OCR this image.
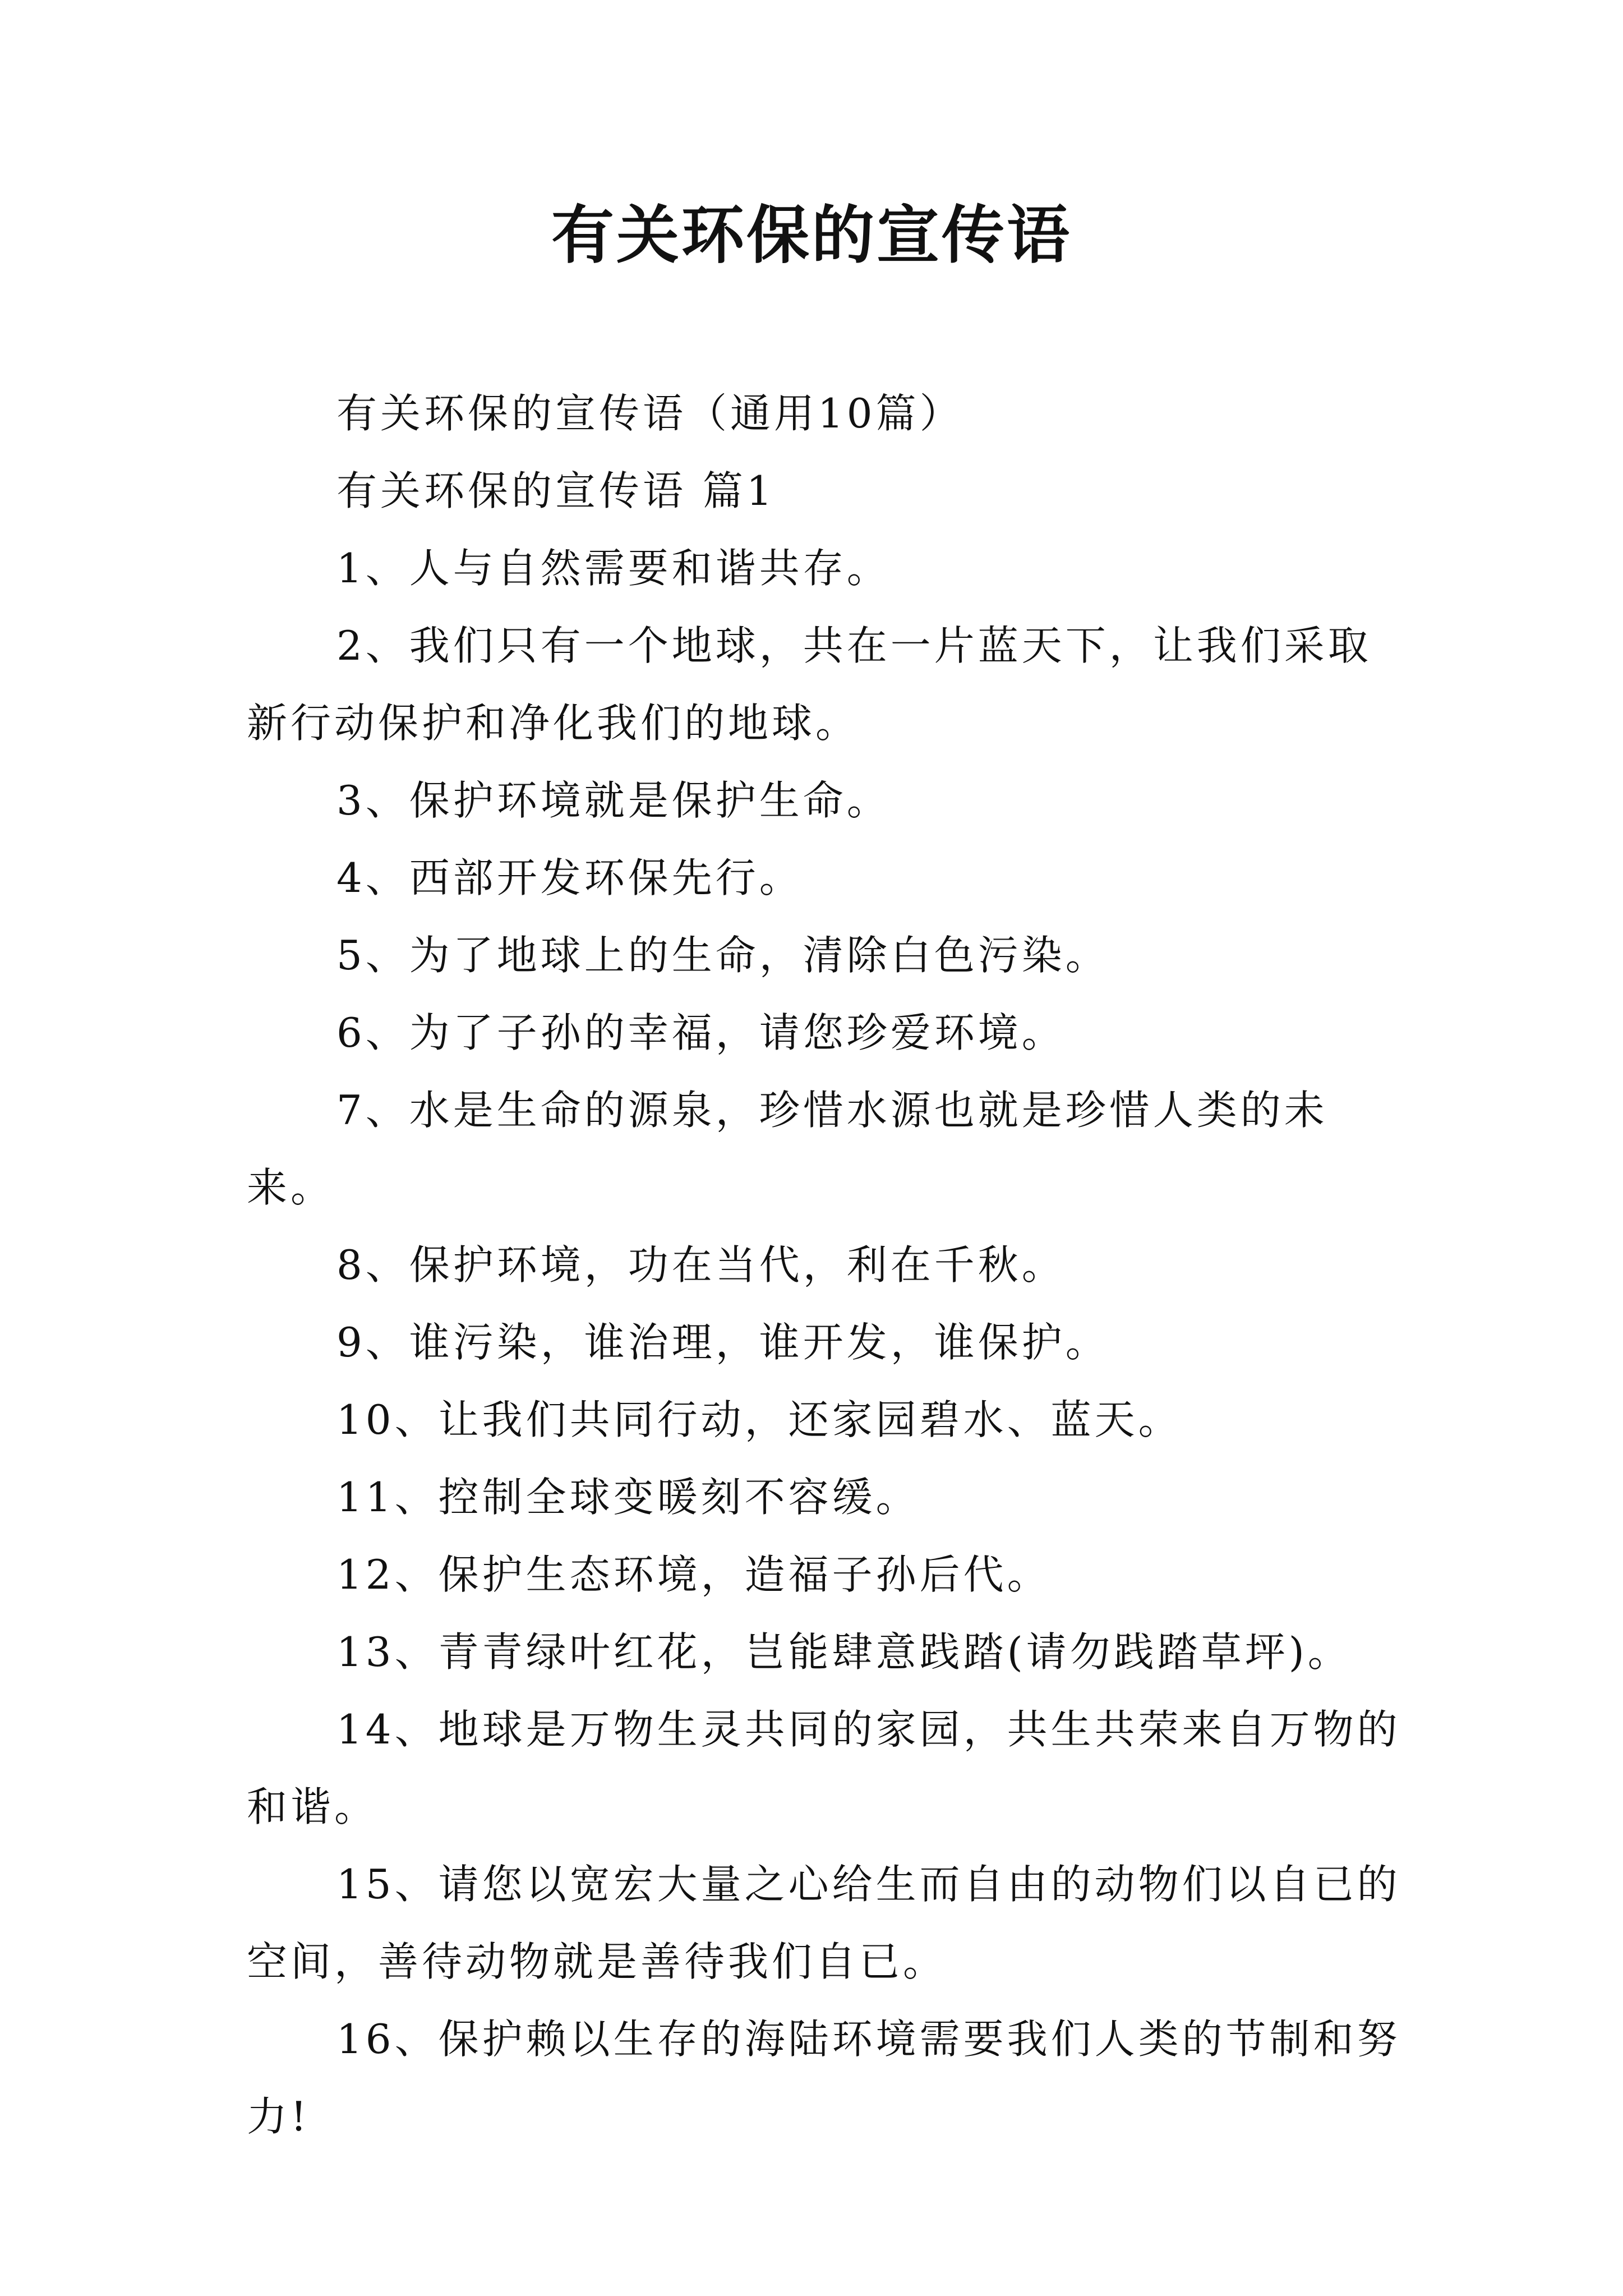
有关环保的宣传语

有关环保的宣传语（通用10篇）

有关环保的宣传语 篇1

1、人与自然需要和谐共存。

2、我们只有一个地球，共在一片蓝天下，让我们采取新行动保护和净化我们的地球。

3、保护环境就是保护生命。

4、西部开发环保先行。

5、为了地球上的生命，清除白色污染。

6、为了子孙的幸福，请您珍爱环境。

7、水是生命的源泉，珍惜水源也就是珍惜人类的未来。

8、保护环境，功在当代，利在千秋。

9、谁污染，谁治理，谁开发，谁保护。

10、让我们共同行动，还家园碧水、蓝天。

11、控制全球变暖刻不容缓。

12、保护生态环境，造福子孙后代。

13、青青绿叶红花，岂能肆意践踏(请勿践踏草坪)。

14、地球是万物生灵共同的家园，共生共荣来自万物的和谐。

15、请您以宽宏大量之心给生而自由的动物们以自已的空间，善待动物就是善待我们自已。

16、保护赖以生存的海陆环境需要我们人类的节制和努力!
